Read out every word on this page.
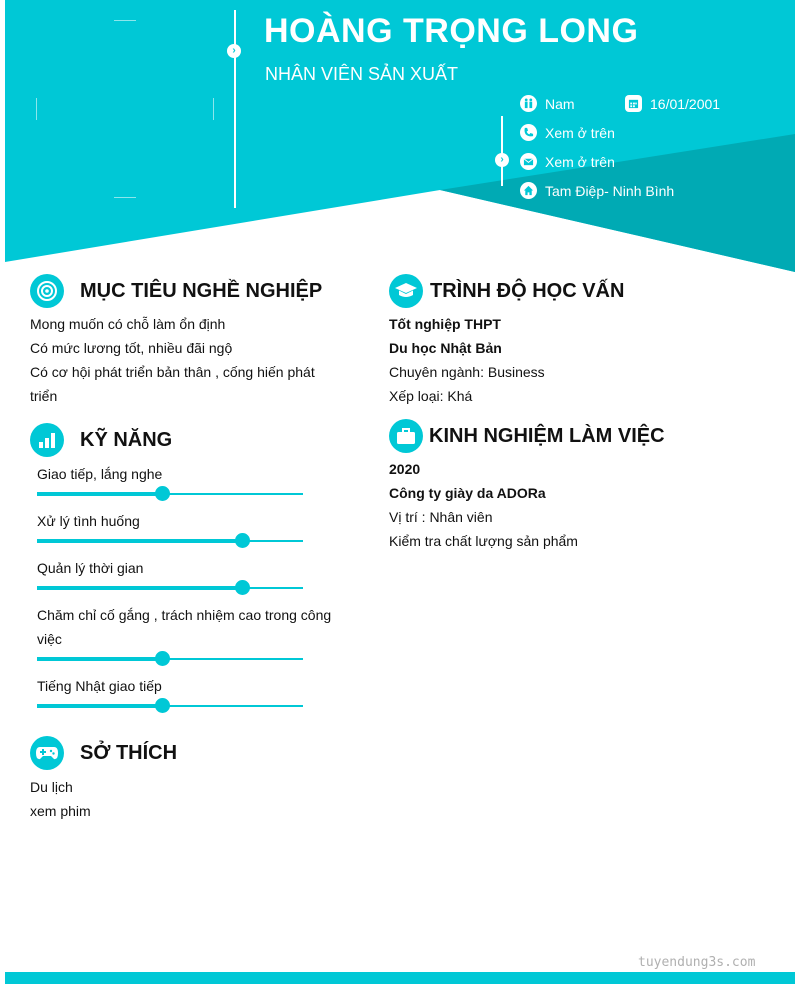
›
HOÀNG TRỌNG LONG
NHÂN VIÊN SẢN XUẤT
›
Nam	16/01/2001
Xem ở trên
Xem ở trên
Tam Điệp- Ninh Bình
MỤC TIÊU NGHỀ NGHIỆP
Mong muốn có chỗ làm ổn định
Có mức lương tốt, nhiều đãi ngộ
Có cơ hội phát triển bản thân , cống hiến phát
triển
KỸ NĂNG
Giao tiếp, lắng nghe
Xử lý tình huống
Quản lý thời gian
Chăm chỉ cố gắng , trách nhiệm cao trong công
việc
Tiếng Nhật giao tiếp
SỞ THÍCH
Du lịch
xem phim
TRÌNH ĐỘ HỌC VẤN
Tốt nghiệp THPT
Du học Nhật Bản
Chuyên ngành: Business
Xếp loại: Khá
KINH NGHIỆM LÀM VIỆC
2020
Công ty giày da ADORa
Vị trí : Nhân viên
Kiểm tra chất lượng sản phẩm
tuyendung3s.com
